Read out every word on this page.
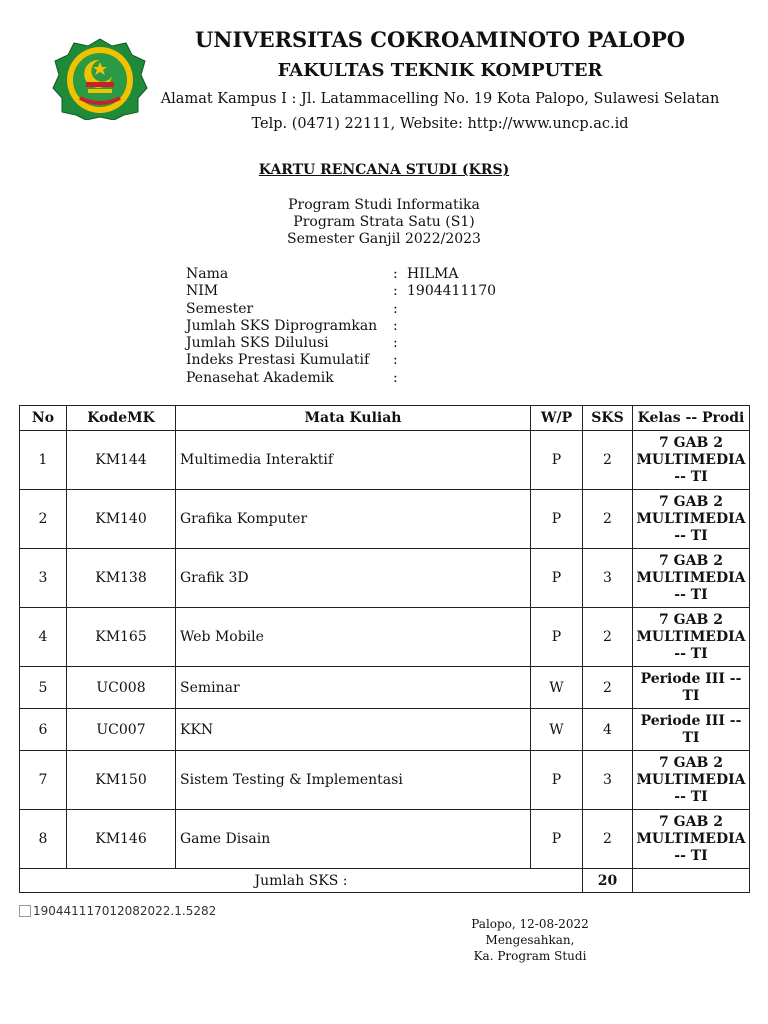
UNIVERSITAS COKROAMINOTO PALOPO
FAKULTAS TEKNIK KOMPUTER
Alamat Kampus I : Jl. Latammacelling No. 19 Kota Palopo, Sulawesi Selatan
Telp. (0471) 22111, Website: http://www.uncp.ac.id
KARTU RENCANA STUDI (KRS)
Program Studi Informatika
Program Strata Satu (S1)
Semester Ganjil 2022/2023
Nama	:	HILMA
NIM	:	1904411170
Semester	:	
Jumlah SKS Diprogramkan	:	
Jumlah SKS Dilulusi	:	
Indeks Prestasi Kumulatif	:	
Penasehat Akademik	:	
No	KodeMK	Mata Kuliah	W/P	SKS	Kelas -- Prodi
1	KM144	Multimedia Interaktif	P	2	7 GAB 2
MULTIMEDIA
-- TI
2	KM140	Grafika Komputer	P	2	7 GAB 2
MULTIMEDIA
-- TI
3	KM138	Grafik 3D	P	3	7 GAB 2
MULTIMEDIA
-- TI
4	KM165	Web Mobile	P	2	7 GAB 2
MULTIMEDIA
-- TI
5	UC008	Seminar	W	2	Periode III --
TI
6	UC007	KKN	W	4	Periode III --
TI
7	KM150	Sistem Testing & Implementasi	P	3	7 GAB 2
MULTIMEDIA
-- TI
8	KM146	Game Disain	P	2	7 GAB 2
MULTIMEDIA
-- TI
Jumlah SKS :				20	
190441117012082022.1.5282
Palopo, 12-08-2022
Mengesahkan,
Ka. Program Studi
